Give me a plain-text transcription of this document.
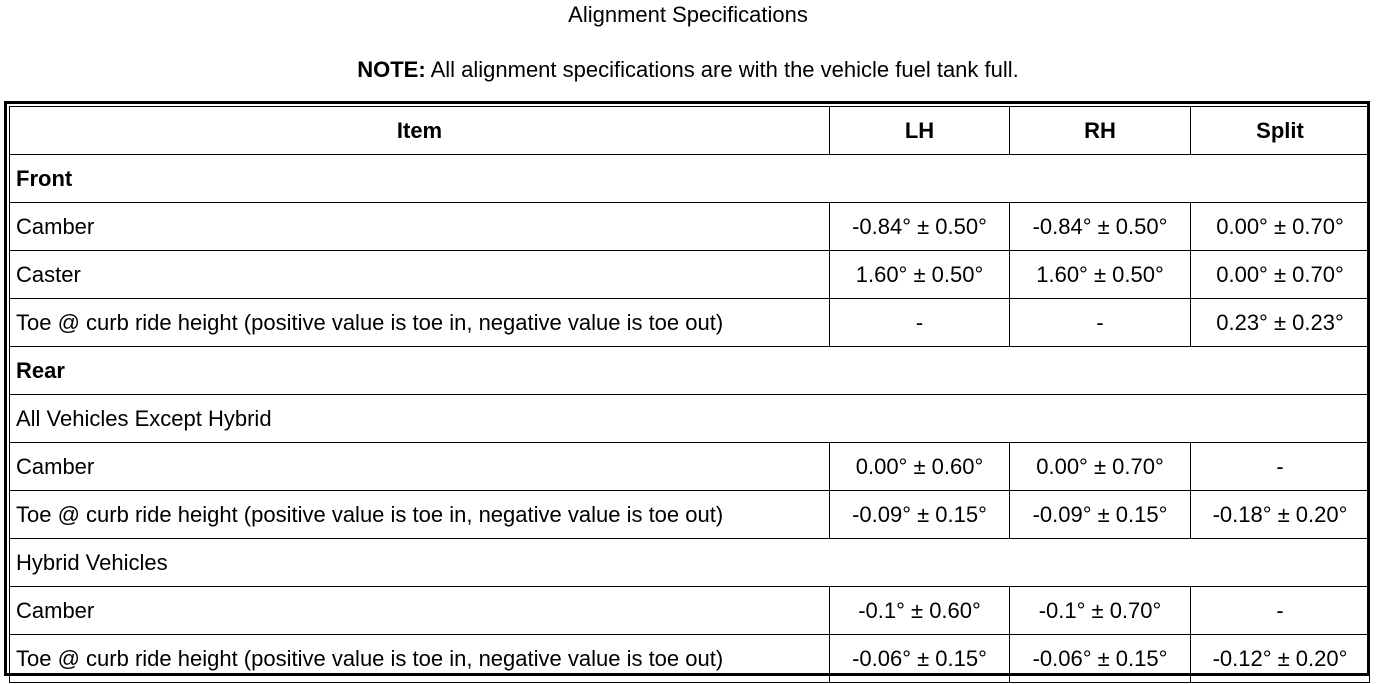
Alignment Specifications
NOTE: All alignment specifications are with the vehicle fuel tank full.
Item	LH	RH	Split
Front			
Camber	-0.84° ± 0.50°	-0.84° ± 0.50°	0.00° ± 0.70°
Caster	1.60° ± 0.50°	1.60° ± 0.50°	0.00° ± 0.70°
Toe @ curb ride height (positive value is toe in, negative value is toe out)	-	-	0.23° ± 0.23°
Rear			
All Vehicles Except Hybrid			
Camber	0.00° ± 0.60°	0.00° ± 0.70°	-
Toe @ curb ride height (positive value is toe in, negative value is toe out)	-0.09° ± 0.15°	-0.09° ± 0.15°	-0.18° ± 0.20°
Hybrid Vehicles			
Camber	-0.1° ± 0.60°	-0.1° ± 0.70°	-
Toe @ curb ride height (positive value is toe in, negative value is toe out)	-0.06° ± 0.15°	-0.06° ± 0.15°	-0.12° ± 0.20°
